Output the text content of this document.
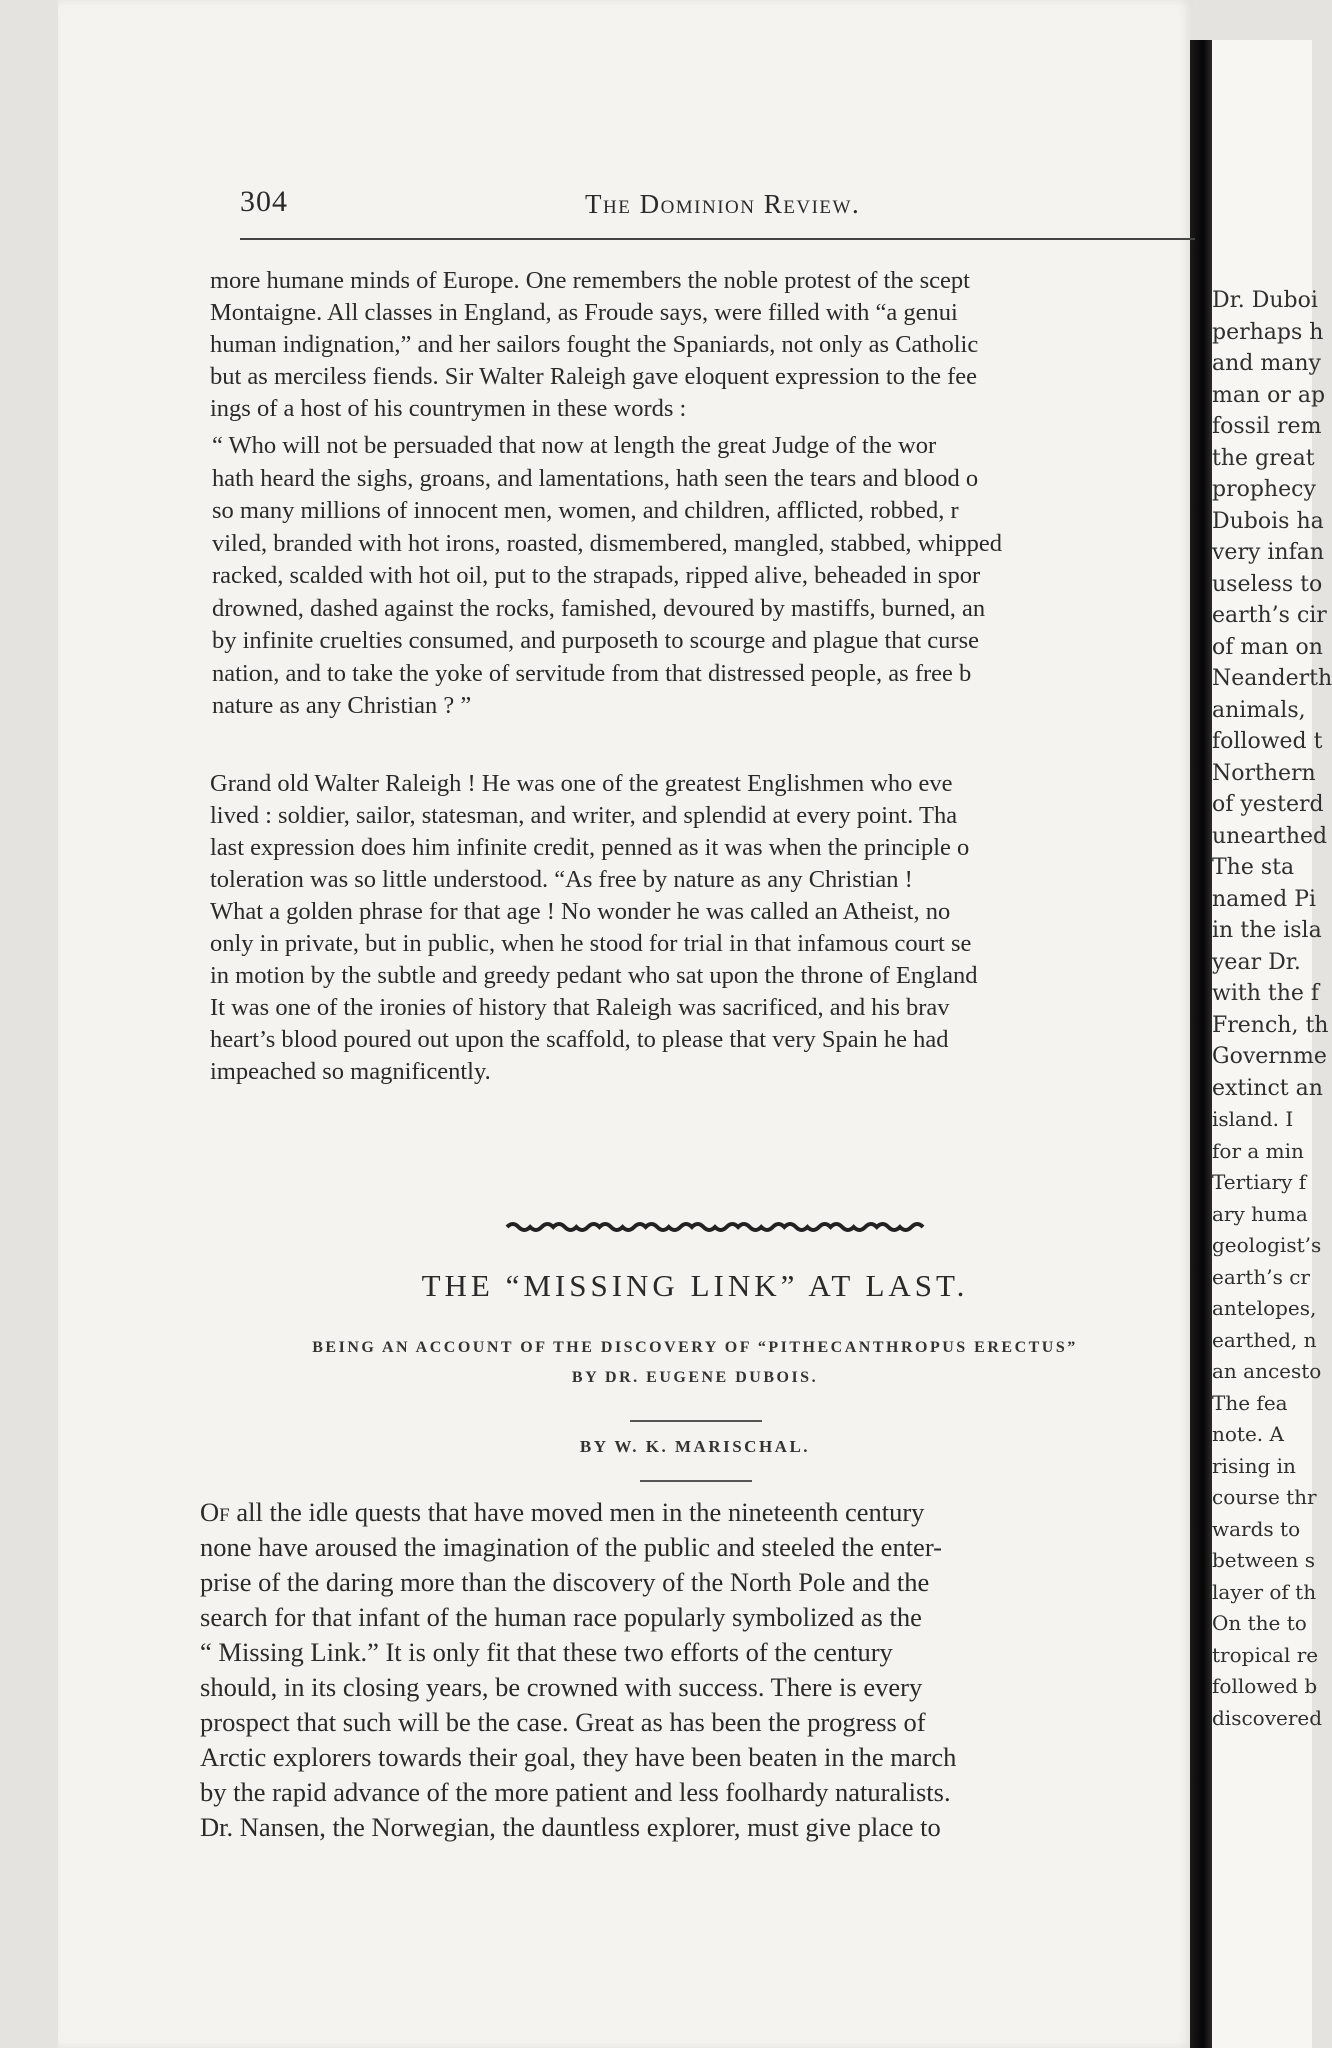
Dr. Duboi
perhaps h
and many
man or ap
fossil rem
the great
prophecy
Dubois ha
very infan
useless to
earth’s cir
of man on
Neanderth
animals,
followed t
Northern
of yesterd
unearthed
The sta
named Pi
in the isla
year Dr.
with the f
French, th
Governme
extinct an
island. I
for a min
Tertiary f
ary huma
geologist’s
earth’s cr
antelopes,
earthed, n
an ancesto
The fea
note. A
rising in
course thr
wards to
between s
layer of th
On the to
tropical re
followed b
discovered
304	The Dominion Review.
more humane minds of Europe. One remembers the noble protest of the scept
Montaigne. All classes in England, as Froude says, were filled with “a genui
human indignation,” and her sailors fought the Spaniards, not only as Catholic
but as merciless fiends. Sir Walter Raleigh gave eloquent expression to the fee
ings of a host of his countrymen in these words :
“ Who will not be persuaded that now at length the great Judge of the wor
hath heard the sighs, groans, and lamentations, hath seen the tears and blood o
so many millions of innocent men, women, and children, afflicted, robbed, r
viled, branded with hot irons, roasted, dismembered, mangled, stabbed, whipped
racked, scalded with hot oil, put to the strapads, ripped alive, beheaded in spor
drowned, dashed against the rocks, famished, devoured by mastiffs, burned, an
by infinite cruelties consumed, and purposeth to scourge and plague that curse
nation, and to take the yoke of servitude from that distressed people, as free b
nature as any Christian ? ”
Grand old Walter Raleigh ! He was one of the greatest Englishmen who eve
lived : soldier, sailor, statesman, and writer, and splendid at every point. Tha
last expression does him infinite credit, penned as it was when the principle o
toleration was so little understood. “As free by nature as any Christian !
What a golden phrase for that age ! No wonder he was called an Atheist, no
only in private, but in public, when he stood for trial in that infamous court se
in motion by the subtle and greedy pedant who sat upon the throne of England
It was one of the ironies of history that Raleigh was sacrificed, and his brav
heart’s blood poured out upon the scaffold, to please that very Spain he had
impeached so magnificently.
THE “MISSING LINK” AT LAST.
BEING AN ACCOUNT OF THE DISCOVERY OF “PITHECANTHROPUS ERECTUS”
BY DR. EUGENE DUBOIS.
BY W. K. MARISCHAL.
Of all the idle quests that have moved men in the nineteenth century
none have aroused the imagination of the public and steeled the enter-
prise of the daring more than the discovery of the North Pole and the
search for that infant of the human race popularly symbolized as the
“ Missing Link.” It is only fit that these two efforts of the century
should, in its closing years, be crowned with success. There is every
prospect that such will be the case. Great as has been the progress of
Arctic explorers towards their goal, they have been beaten in the march
by the rapid advance of the more patient and less foolhardy naturalists.
Dr. Nansen, the Norwegian, the dauntless explorer, must give place to
